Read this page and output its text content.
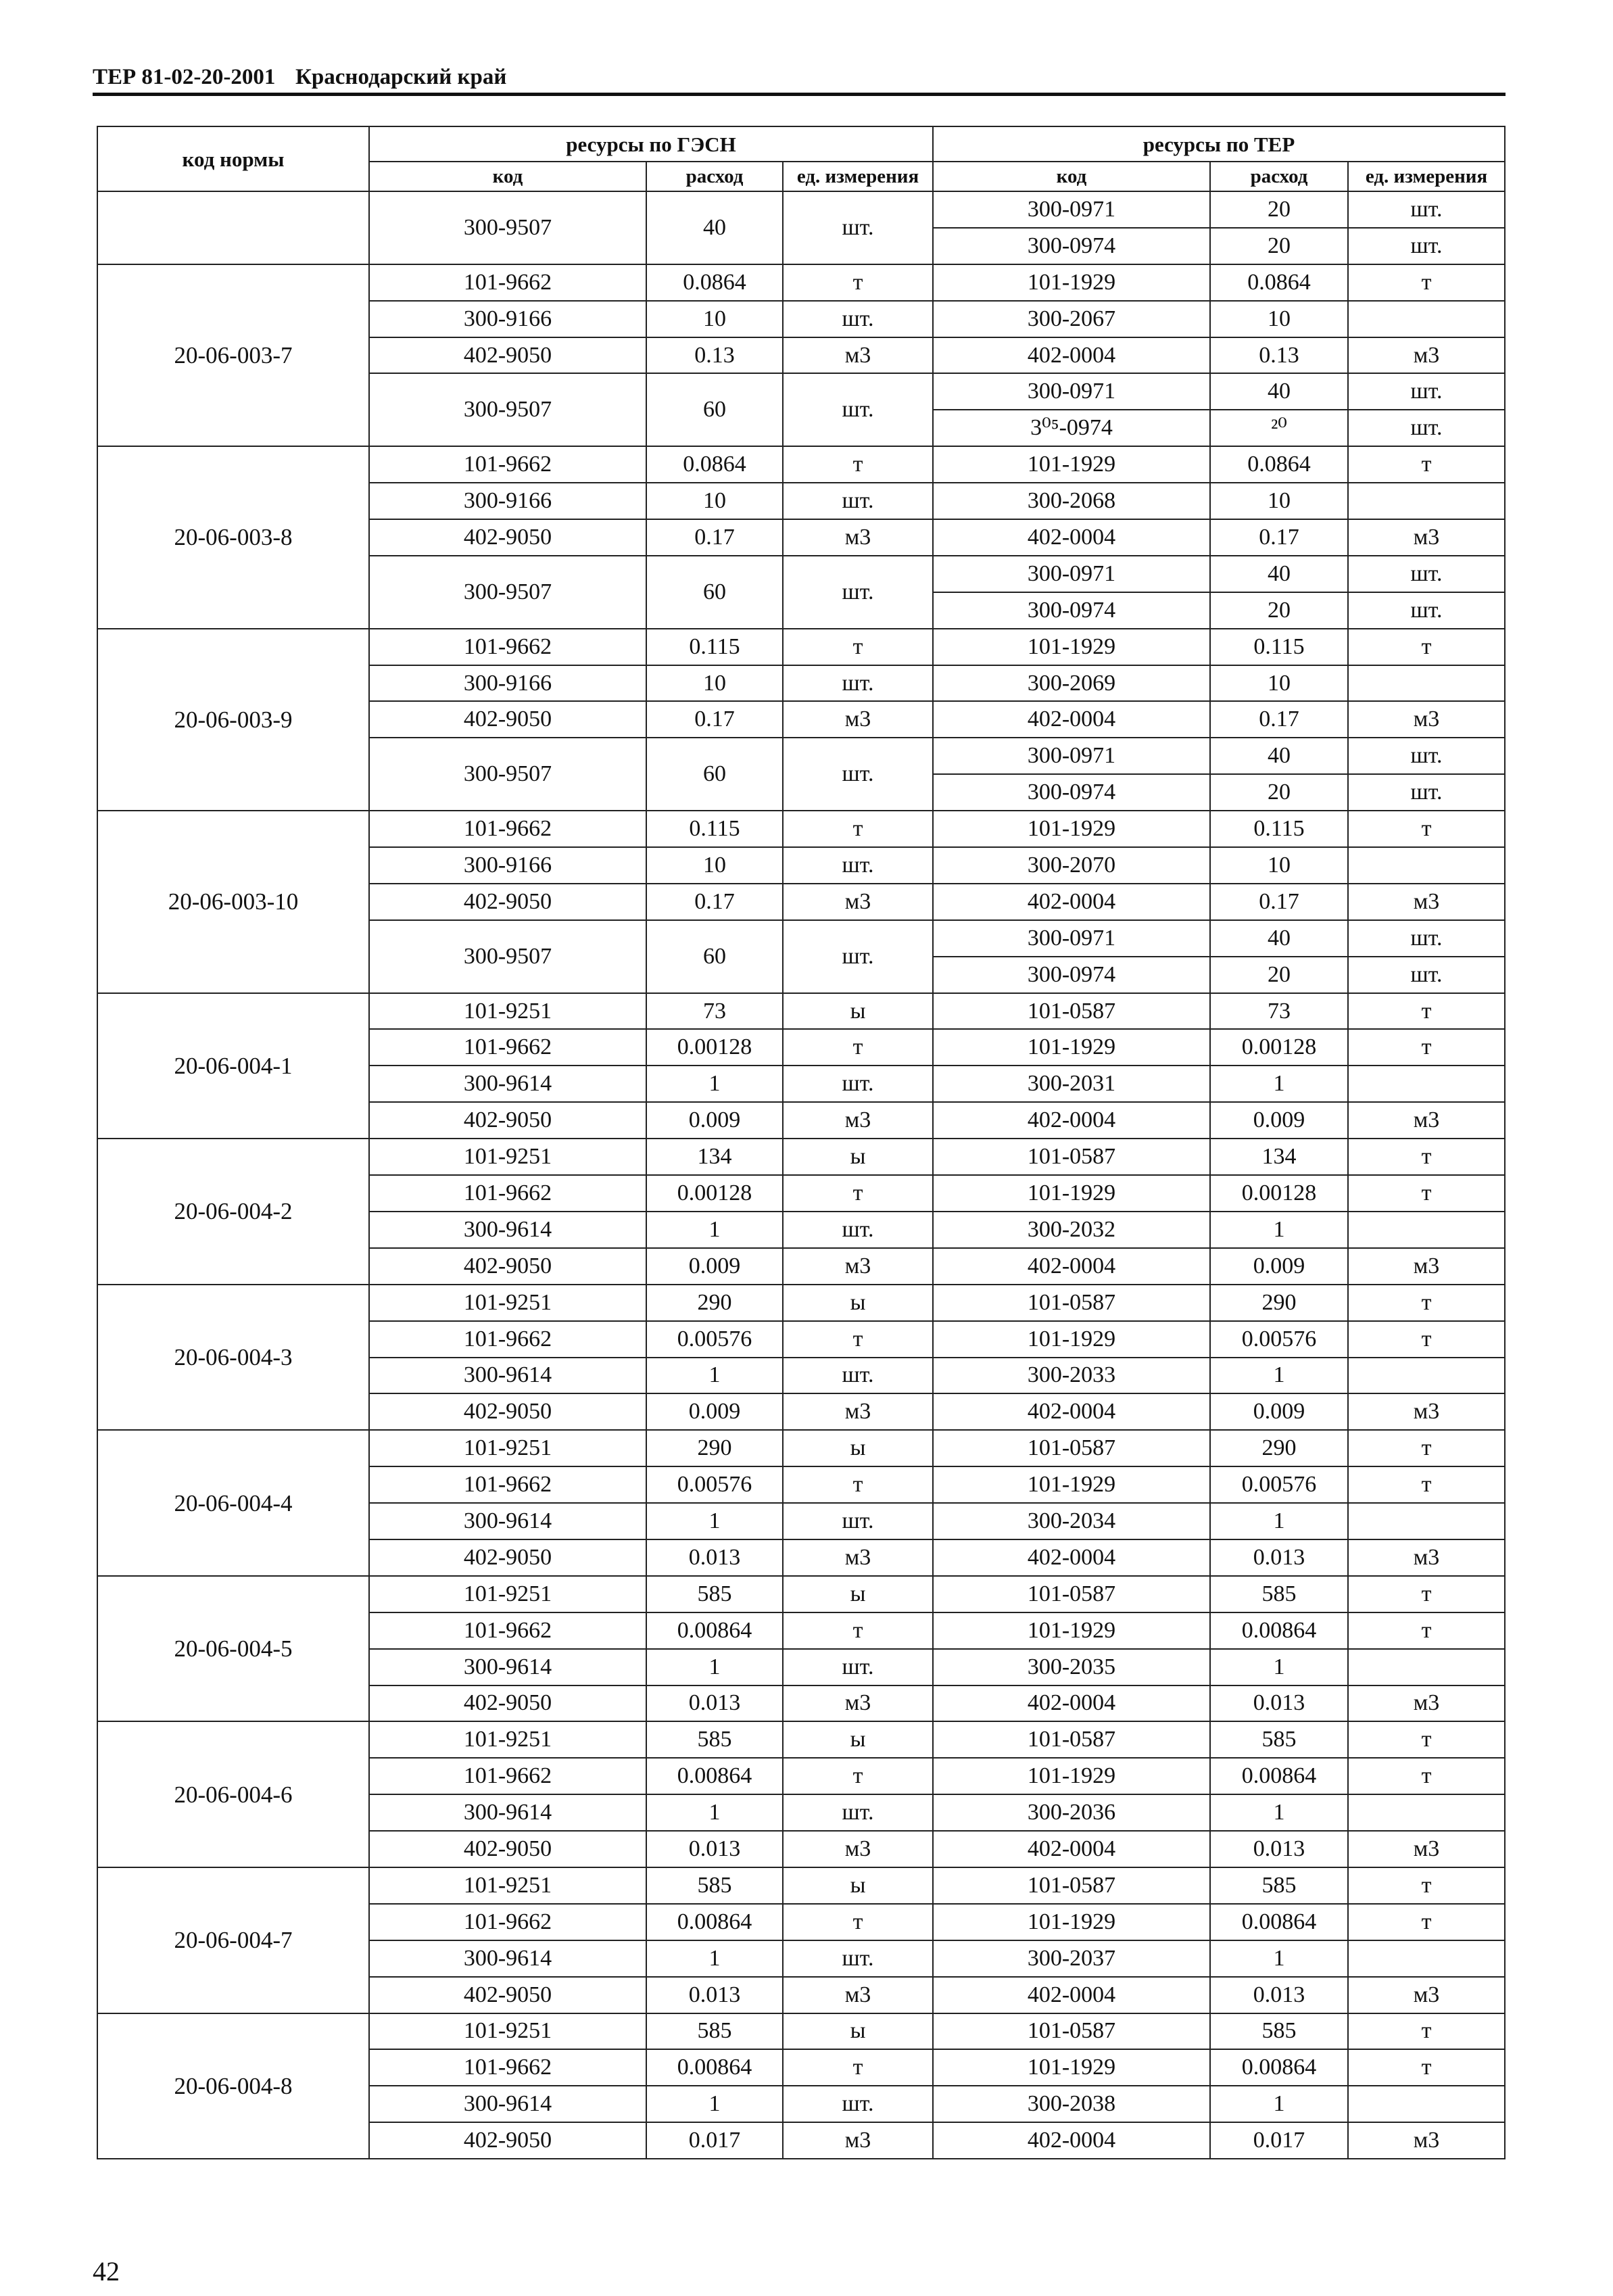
ТЕР 81-02-20-2001 Краснодарский край
код нормы	ресурсы по ГЭСН			ресурсы по ТЕР		
	код	расход	ед. измерения	код	расход	ед. измерения
	300-9507	40	шт.	300-0971	20	шт.
				300-0974	20	шт.
20-06-003-7	101-9662	0.0864	т	101-1929	0.0864	т
	300-9166	10	шт.	300-2067	10	
	402-9050	0.13	м3	402-0004	0.13	м3
	300-9507	60	шт.	300-0971	40	шт.
				3⁰⁵-0974	²⁰	шт.
20-06-003-8	101-9662	0.0864	т	101-1929	0.0864	т
	300-9166	10	шт.	300-2068	10	
	402-9050	0.17	м3	402-0004	0.17	м3
	300-9507	60	шт.	300-0971	40	шт.
				300-0974	20	шт.
20-06-003-9	101-9662	0.115	т	101-1929	0.115	т
	300-9166	10	шт.	300-2069	10	
	402-9050	0.17	м3	402-0004	0.17	м3
	300-9507	60	шт.	300-0971	40	шт.
				300-0974	20	шт.
20-06-003-10	101-9662	0.115	т	101-1929	0.115	т
	300-9166	10	шт.	300-2070	10	
	402-9050	0.17	м3	402-0004	0.17	м3
	300-9507	60	шт.	300-0971	40	шт.
				300-0974	20	шт.
20-06-004-1	101-9251	73	ы	101-0587	73	т
	101-9662	0.00128	т	101-1929	0.00128	т
	300-9614	1	шт.	300-2031	1	
	402-9050	0.009	м3	402-0004	0.009	м3
20-06-004-2	101-9251	134	ы	101-0587	134	т
	101-9662	0.00128	т	101-1929	0.00128	т
	300-9614	1	шт.	300-2032	1	
	402-9050	0.009	м3	402-0004	0.009	м3
20-06-004-3	101-9251	290	ы	101-0587	290	т
	101-9662	0.00576	т	101-1929	0.00576	т
	300-9614	1	шт.	300-2033	1	
	402-9050	0.009	м3	402-0004	0.009	м3
20-06-004-4	101-9251	290	ы	101-0587	290	т
	101-9662	0.00576	т	101-1929	0.00576	т
	300-9614	1	шт.	300-2034	1	
	402-9050	0.013	м3	402-0004	0.013	м3
20-06-004-5	101-9251	585	ы	101-0587	585	т
	101-9662	0.00864	т	101-1929	0.00864	т
	300-9614	1	шт.	300-2035	1	
	402-9050	0.013	м3	402-0004	0.013	м3
20-06-004-6	101-9251	585	ы	101-0587	585	т
	101-9662	0.00864	т	101-1929	0.00864	т
	300-9614	1	шт.	300-2036	1	
	402-9050	0.013	м3	402-0004	0.013	м3
20-06-004-7	101-9251	585	ы	101-0587	585	т
	101-9662	0.00864	т	101-1929	0.00864	т
	300-9614	1	шт.	300-2037	1	
	402-9050	0.013	м3	402-0004	0.013	м3
20-06-004-8	101-9251	585	ы	101-0587	585	т
	101-9662	0.00864	т	101-1929	0.00864	т
	300-9614	1	шт.	300-2038	1	
	402-9050	0.017	м3	402-0004	0.017	м3
42
